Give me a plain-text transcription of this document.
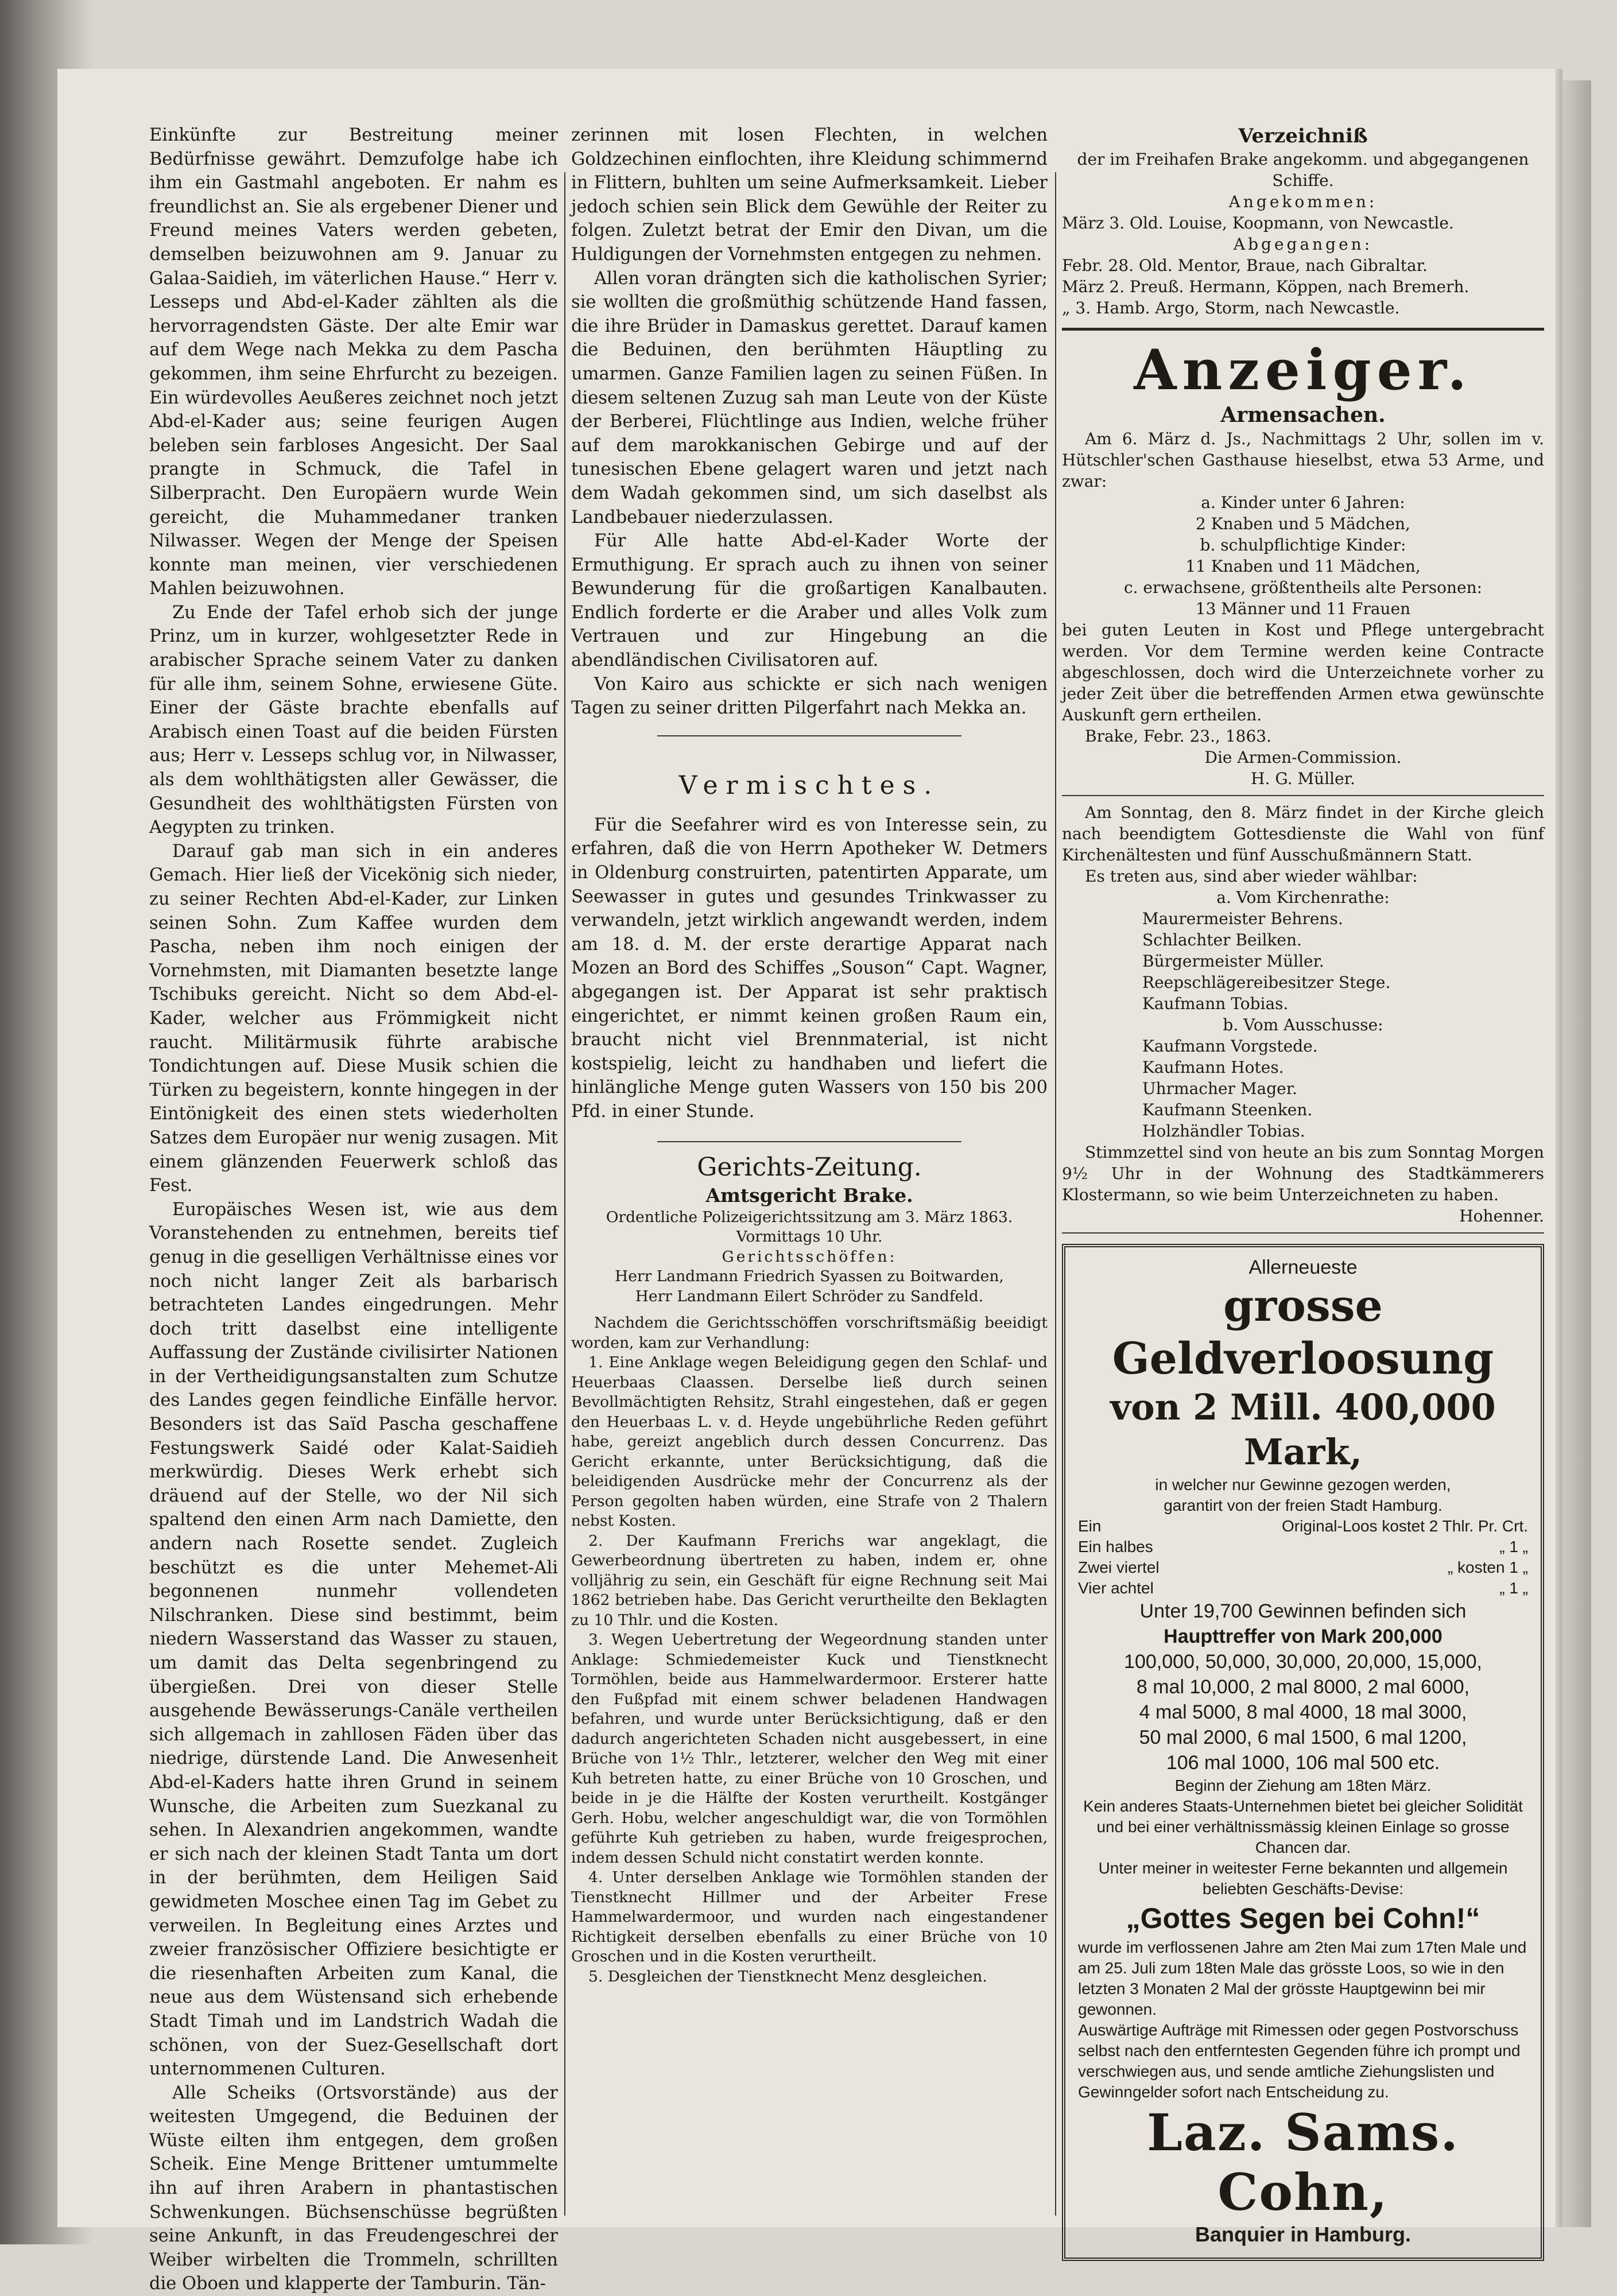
Einkünfte zur Bestreitung meiner Bedürfnisse gewährt. Demzufolge habe ich ihm ein Gastmahl angeboten. Er nahm es freundlichst an. Sie als ergebener Diener und Freund meines Vaters werden gebeten, demselben beizuwohnen am 9. Januar zu Galaa-Saidieh, im väterlichen Hause.“ Herr v. Lesseps und Abd-el-Kader zählten als die hervorragendsten Gäste. Der alte Emir war auf dem Wege nach Mekka zu dem Pascha gekommen, ihm seine Ehrfurcht zu bezeigen. Ein würdevolles Aeußeres zeichnet noch jetzt Abd-el-Kader aus; seine feurigen Augen beleben sein farbloses Angesicht. Der Saal prangte in Schmuck, die Tafel in Silberpracht. Den Europäern wurde Wein gereicht, die Muhammedaner tranken Nilwasser. Wegen der Menge der Speisen konnte man meinen, vier verschiedenen Mahlen beizuwohnen.

Zu Ende der Tafel erhob sich der junge Prinz, um in kurzer, wohlgesetzter Rede in arabischer Sprache seinem Vater zu danken für alle ihm, seinem Sohne, erwiesene Güte. Einer der Gäste brachte ebenfalls auf Arabisch einen Toast auf die beiden Fürsten aus; Herr v. Lesseps schlug vor, in Nilwasser, als dem wohlthätigsten aller Gewässer, die Gesundheit des wohlthätigsten Fürsten von Aegypten zu trinken.

Darauf gab man sich in ein anderes Gemach. Hier ließ der Vicekönig sich nieder, zu seiner Rechten Abd-el-Kader, zur Linken seinen Sohn. Zum Kaffee wurden dem Pascha, neben ihm noch einigen der Vornehmsten, mit Diamanten besetzte lange Tschibuks gereicht. Nicht so dem Abd-el-Kader, welcher aus Frömmigkeit nicht raucht. Militärmusik führte arabische Tondichtungen auf. Diese Musik schien die Türken zu begeistern, konnte hingegen in der Eintönigkeit des einen stets wiederholten Satzes dem Europäer nur wenig zusagen. Mit einem glänzenden Feuerwerk schloß das Fest.

Europäisches Wesen ist, wie aus dem Voranstehenden zu entnehmen, bereits tief genug in die geselligen Verhältnisse eines vor noch nicht langer Zeit als barbarisch betrachteten Landes eingedrungen. Mehr doch tritt daselbst eine intelligente Auffassung der Zustände civilisirter Nationen in der Vertheidigungsanstalten zum Schutze des Landes gegen feindliche Einfälle hervor. Besonders ist das Saïd Pascha geschaffene Festungswerk Saidé oder Kalat-Saidieh merkwürdig. Dieses Werk erhebt sich dräuend auf der Stelle, wo der Nil sich spaltend den einen Arm nach Damiette, den andern nach Rosette sendet. Zugleich beschützt es die unter Mehemet-Ali begonnenen nunmehr vollendeten Nilschranken. Diese sind bestimmt, beim niedern Wasserstand das Wasser zu stauen, um damit das Delta segenbringend zu übergießen. Drei von dieser Stelle ausgehende Bewässerungs-Canäle vertheilen sich allgemach in zahllosen Fäden über das niedrige, dürstende Land. Die Anwesenheit Abd-el-Kaders hatte ihren Grund in seinem Wunsche, die Arbeiten zum Suezkanal zu sehen. In Alexandrien angekommen, wandte er sich nach der kleinen Stadt Tanta um dort in der berühmten, dem Heiligen Said gewidmeten Moschee einen Tag im Gebet zu verweilen. In Begleitung eines Arztes und zweier französischer Offiziere besichtigte er die riesenhaften Arbeiten zum Kanal, die neue aus dem Wüstensand sich erhebende Stadt Timah und im Landstrich Wadah die schönen, von der Suez-Gesellschaft dort unternommenen Culturen.

Alle Scheiks (Ortsvorstände) aus der weitesten Umgegend, die Beduinen der Wüste eilten ihm entgegen, dem großen Scheik. Eine Menge Brittener umtummelte ihn auf ihren Arabern in phantastischen Schwenkungen. Büchsenschüsse begrüßten seine Ankunft, in das Freudengeschrei der Weiber wirbelten die Trommeln, schrillten die Oboen und klapperte der Tamburin. Tän-

zerinnen mit losen Flechten, in welchen Goldzechinen einflochten, ihre Kleidung schimmernd in Flittern, buhlten um seine Aufmerksamkeit. Lieber jedoch schien sein Blick dem Gewühle der Reiter zu folgen. Zuletzt betrat der Emir den Divan, um die Huldigungen der Vornehmsten entgegen zu nehmen.

Allen voran drängten sich die katholischen Syrier; sie wollten die großmüthig schützende Hand fassen, die ihre Brüder in Damaskus gerettet. Darauf kamen die Beduinen, den berühmten Häuptling zu umarmen. Ganze Familien lagen zu seinen Füßen. In diesem seltenen Zuzug sah man Leute von der Küste der Berberei, Flüchtlinge aus Indien, welche früher auf dem marokkanischen Gebirge und auf der tunesischen Ebene gelagert waren und jetzt nach dem Wadah gekommen sind, um sich daselbst als Landbebauer niederzulassen.

Für Alle hatte Abd-el-Kader Worte der Ermuthigung. Er sprach auch zu ihnen von seiner Bewunderung für die großartigen Kanalbauten. Endlich forderte er die Araber und alles Volk zum Vertrauen und zur Hingebung an die abendländischen Civilisatoren auf.

Von Kairo aus schickte er sich nach wenigen Tagen zu seiner dritten Pilgerfahrt nach Mekka an.

Vermischtes.

Für die Seefahrer wird es von Interesse sein, zu erfahren, daß die von Herrn Apotheker W. Detmers in Oldenburg construirten, patentirten Apparate, um Seewasser in gutes und gesundes Trinkwasser zu verwandeln, jetzt wirklich angewandt werden, indem am 18. d. M. der erste derartige Apparat nach Mozen an Bord des Schiffes „Souson“ Capt. Wagner, abgegangen ist. Der Apparat ist sehr praktisch eingerichtet, er nimmt keinen großen Raum ein, braucht nicht viel Brennmaterial, ist nicht kostspielig, leicht zu handhaben und liefert die hinlängliche Menge guten Wassers von 150 bis 200 Pfd. in einer Stunde.

Gerichts-Zeitung.
Amtsgericht Brake.
Ordentliche Polizeigerichtssitzung am 3. März 1863.
Vormittags 10 Uhr.
Gerichtsschöffen:
Herr Landmann Friedrich Syassen zu Boitwarden,
Herr Landmann Eilert Schröder zu Sandfeld.

Nachdem die Gerichtsschöffen vorschriftsmäßig beeidigt worden, kam zur Verhandlung:

1. Eine Anklage wegen Beleidigung gegen den Schlaf- und Heuerbaas Claassen. Derselbe ließ durch seinen Bevollmächtigten Rehsitz, Strahl eingestehen, daß er gegen den Heuerbaas L. v. d. Heyde ungebührliche Reden geführt habe, gereizt angeblich durch dessen Concurrenz. Das Gericht erkannte, unter Berücksichtigung, daß die beleidigenden Ausdrücke mehr der Concurrenz als der Person gegolten haben würden, eine Strafe von 2 Thalern nebst Kosten.

2. Der Kaufmann Frerichs war angeklagt, die Gewerbeordnung übertreten zu haben, indem er, ohne volljährig zu sein, ein Geschäft für eigne Rechnung seit Mai 1862 betrieben habe. Das Gericht verurtheilte den Beklagten zu 10 Thlr. und die Kosten.

3. Wegen Uebertretung der Wegeordnung standen unter Anklage: Schmiedemeister Kuck und Tienstknecht Tormöhlen, beide aus Hammelwardermoor. Ersterer hatte den Fußpfad mit einem schwer beladenen Handwagen befahren, und wurde unter Berücksichtigung, daß er den dadurch angerichteten Schaden nicht ausgebessert, in eine Brüche von 1½ Thlr., letzterer, welcher den Weg mit einer Kuh betreten hatte, zu einer Brüche von 10 Groschen, und beide in je die Hälfte der Kosten verurtheilt. Kostgänger Gerh. Hobu, welcher angeschuldigt war, die von Tormöhlen geführte Kuh getrieben zu haben, wurde freigesprochen, indem dessen Schuld nicht constatirt werden konnte.

4. Unter derselben Anklage wie Tormöhlen standen der Tienstknecht Hillmer und der Arbeiter Frese Hammelwardermoor, und wurden nach eingestandener Richtigkeit derselben ebenfalls zu einer Brüche von 10 Groschen und in die Kosten verurtheilt.

5. Desgleichen der Tienstknecht Menz desgleichen.

Verzeichniß
der im Freihafen Brake angekomm. und abgegangenen Schiffe.
Angekommen:
März 3. Old. Louise, Koopmann, von Newcastle.
Abgegangen:
Febr. 28. Old. Mentor, Braue, nach Gibraltar.
März 2. Preuß. Hermann, Köppen, nach Bremerh.
„ 3. Hamb. Argo, Storm, nach Newcastle.
Anzeiger.
Armensachen.

Am 6. März d. Js., Nachmittags 2 Uhr, sollen im v. Hütschler'schen Gasthause hieselbst, etwa 53 Arme, und zwar:

a. Kinder unter 6 Jahren:
2 Knaben und 5 Mädchen,
b. schulpflichtige Kinder:
11 Knaben und 11 Mädchen,
c. erwachsene, größtentheils alte Personen:
13 Männer und 11 Frauen

bei guten Leuten in Kost und Pflege untergebracht werden. Vor dem Termine werden keine Contracte abgeschlossen, doch wird die Unterzeichnete vorher zu jeder Zeit über die betreffenden Armen etwa gewünschte Auskunft gern ertheilen.

Brake, Febr. 23., 1863.
Die Armen-Commission.
H. G. Müller.

Am Sonntag, den 8. März findet in der Kirche gleich nach beendigtem Gottesdienste die Wahl von fünf Kirchenältesten und fünf Ausschußmännern Statt.

Es treten aus, sind aber wieder wählbar:
a. Vom Kirchenrathe:
Maurermeister Behrens.
Schlachter Beilken.
Bürgermeister Müller.
Reepschlägereibesitzer Stege.
Kaufmann Tobias.
b. Vom Ausschusse:
Kaufmann Vorgstede.
Kaufmann Hotes.
Uhrmacher Mager.
Kaufmann Steenken.
Holzhändler Tobias.

Stimmzettel sind von heute an bis zum Sonntag Morgen 9½ Uhr in der Wohnung des Stadtkämmerers Klostermann, so wie beim Unterzeichneten zu haben.

Hohenner.
Allerneueste
grosse Geldverloosung
von 2 Mill. 400,000 Mark,
in welcher nur Gewinne gezogen werden,
garantirt von der freien Stadt Hamburg.
Ein	Original-Loos kostet 2 Thlr. Pr. Crt.
Ein halbes	„ 1 „
Zwei viertel	„ kosten 1 „
Vier achtel	„ 1 „
Unter 19,700 Gewinnen befinden sich
Haupttreffer von Mark 200,000
100,000, 50,000, 30,000, 20,000, 15,000,
8 mal 10,000, 2 mal 8000, 2 mal 6000,
4 mal 5000, 8 mal 4000, 18 mal 3000,
50 mal 2000, 6 mal 1500, 6 mal 1200,
106 mal 1000, 106 mal 500 etc.
Beginn der Ziehung am 18ten März.
Kein anderes Staats-Unternehmen bietet bei gleicher Solidität und bei einer verhältnissmässig kleinen Einlage so grosse Chancen dar.
Unter meiner in weitester Ferne bekannten und allgemein beliebten Geschäfts-Devise:
„Gottes Segen bei Cohn!“
wurde im verflossenen Jahre am 2ten Mai zum 17ten Male und am 25. Juli zum 18ten Male das grösste Loos, so wie in den letzten 3 Monaten 2 Mal der grösste Hauptgewinn bei mir gewonnen.
Auswärtige Aufträge mit Rimessen oder gegen Postvorschuss selbst nach den entferntesten Gegenden führe ich prompt und verschwiegen aus, und sende amtliche Ziehungslisten und Gewinngelder sofort nach Entscheidung zu.
Laz. Sams. Cohn,
Banquier in Hamburg.
